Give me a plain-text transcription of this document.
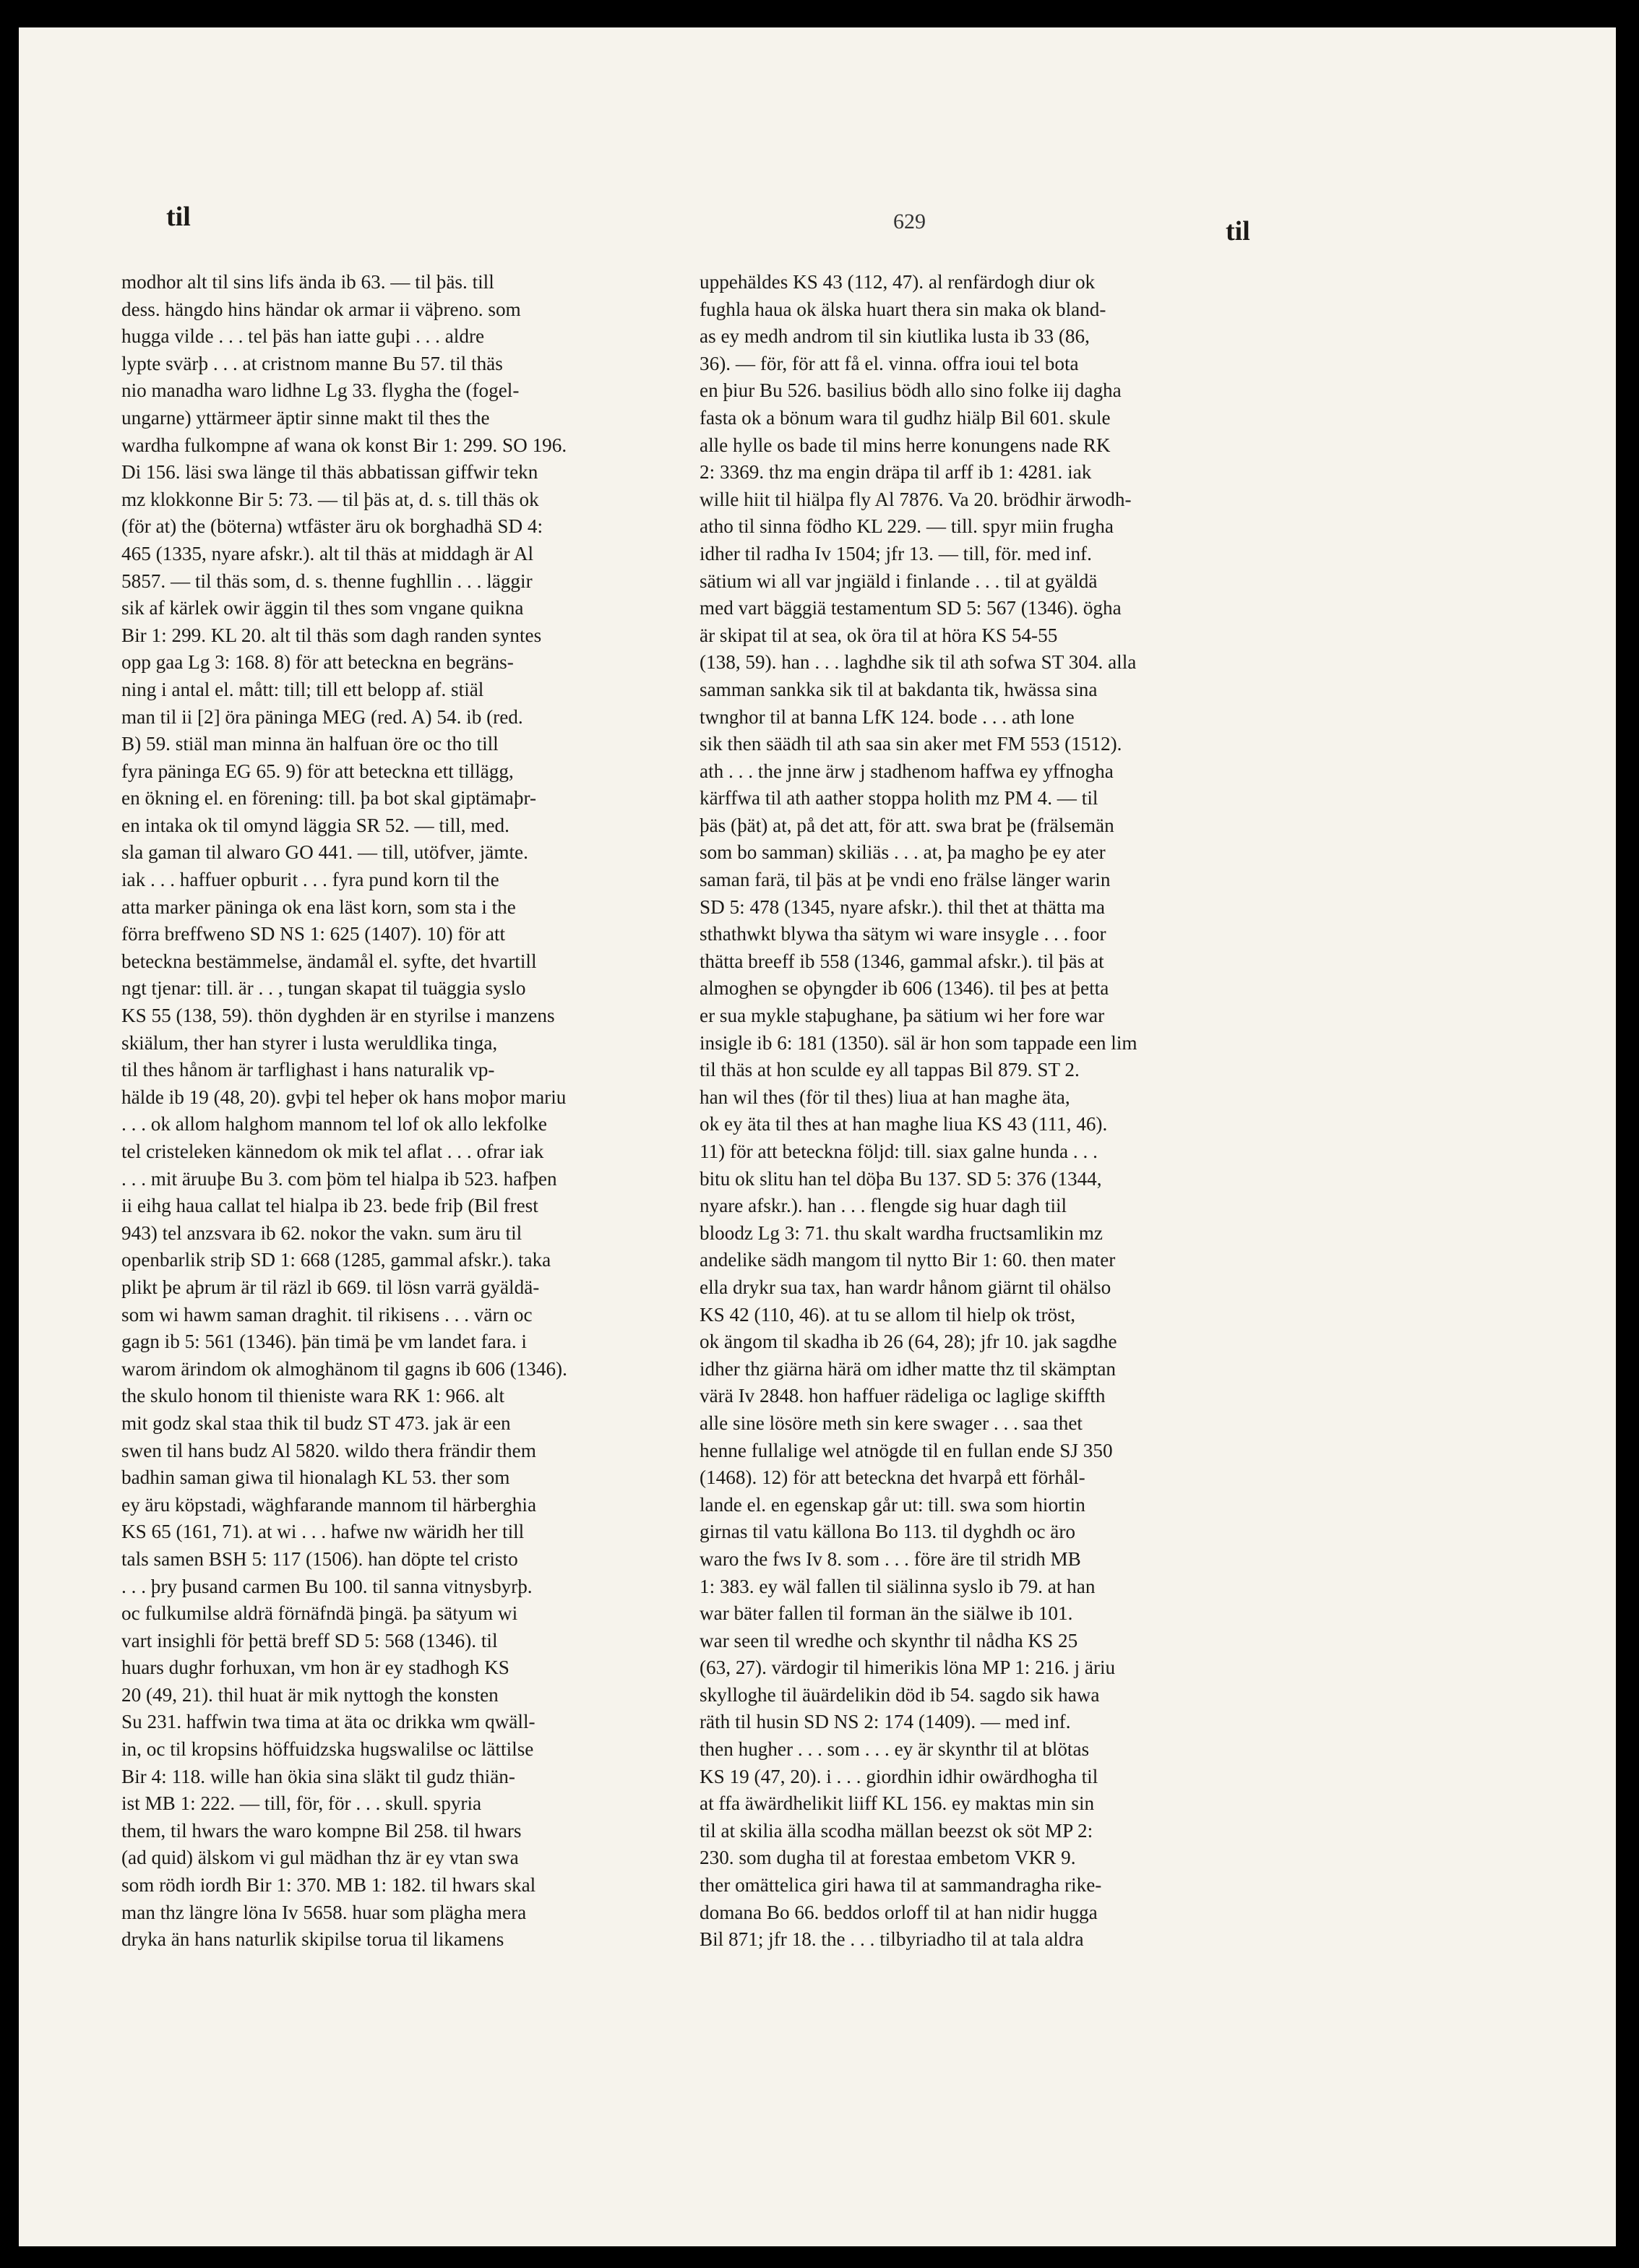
til	629	til
modhor alt til sins lifs ända ib 63. — til þäs. till
dess. hängdo hins händar ok armar ii väþreno. som
hugga vilde . . . tel þäs han iatte guþi . . . aldre
lypte svärþ . . . at cristnom manne Bu 57. til thäs
nio manadha waro lidhne Lg 33. flygha the (fogel-
ungarne) yttärmeer äptir sinne makt til thes the
wardha fulkompne af wana ok konst Bir 1: 299. SO 196.
Di 156. läsi swa länge til thäs abbatissan giffwir tekn
mz klokkonne Bir 5: 73. — til þäs at, d. s. till thäs ok
(för at) the (böterna) wtfäster äru ok borghadhä SD 4:
465 (1335, nyare afskr.). alt til thäs at middagh är Al
5857. — til thäs som, d. s. thenne fughllin . . . läggir
sik af kärlek owir äggin til thes som vngane quikna
Bir 1: 299. KL 20. alt til thäs som dagh randen syntes
opp gaa Lg 3: 168. 8) för att beteckna en begräns-
ning i antal el. mått: till; till ett belopp af. stiäl
man til ii [2] öra päninga MEG (red. A) 54. ib (red.
B) 59. stiäl man minna än halfuan öre oc tho till
fyra päninga EG 65. 9) för att beteckna ett tillägg,
en ökning el. en förening: till. þa bot skal giptämaþr-
en intaka ok til omynd läggia SR 52. — till, med.
sla gaman til alwaro GO 441. — till, utöfver, jämte.
iak . . . haffuer opburit . . . fyra pund korn til the
atta marker päninga ok ena läst korn, som sta i the
förra breffweno SD NS 1: 625 (1407). 10) för att
beteckna bestämmelse, ändamål el. syfte, det hvartill
ngt tjenar: till. är . . , tungan skapat til tuäggia syslo
KS 55 (138, 59). thön dyghden är en styrilse i manzens
skiälum, ther han styrer i lusta weruldlika tinga,
til thes hånom är tarflighast i hans naturalik vp-
hälde ib 19 (48, 20). gvþi tel heþer ok hans moþor mariu
. . . ok allom halghom mannom tel lof ok allo lekfolke
tel cristeleken kännedom ok mik tel aflat . . . ofrar iak
. . . mit äruuþe Bu 3. com þöm tel hialpa ib 523. hafþen
ii eihg haua callat tel hialpa ib 23. bede friþ (Bil frest
943) tel anzsvara ib 62. nokor the vakn. sum äru til
openbarlik striþ SD 1: 668 (1285, gammal afskr.). taka
plikt þe aþrum är til räzl ib 669. til lösn varrä gyäldä-
som wi hawm saman draghit. til rikisens . . . värn oc
gagn ib 5: 561 (1346). þän timä þe vm landet fara. i
warom ärindom ok almoghänom til gagns ib 606 (1346).
the skulo honom til thieniste wara RK 1: 966. alt
mit godz skal staa thik til budz ST 473. jak är een
swen til hans budz Al 5820. wildo thera frändir them
badhin saman giwa til hionalagh KL 53. ther som
ey äru köpstadi, wäghfarande mannom til härberghia
KS 65 (161, 71). at wi . . . hafwe nw wäridh her till
tals samen BSH 5: 117 (1506). han döpte tel cristo
. . . þry þusand carmen Bu 100. til sanna vitnysbyrþ.
oc fulkumilse aldrä förnäfndä þingä. þa sätyum wi
vart insighli för þettä breff SD 5: 568 (1346). til
huars dughr forhuxan, vm hon är ey stadhogh KS
20 (49, 21). thil huat är mik nyttogh the konsten
Su 231. haffwin twa tima at äta oc drikka wm qwäll-
in, oc til kropsins höffuidzska hugswalilse oc lättilse
Bir 4: 118. wille han ökia sina släkt til gudz thiän-
ist MB 1: 222. — till, för, för . . . skull. spyria
them, til hwars the waro kompne Bil 258. til hwars
(ad quid) älskom vi gul mädhan thz är ey vtan swa
som rödh iordh Bir 1: 370. MB 1: 182. til hwars skal
man thz längre löna Iv 5658. huar som plägha mera
dryka än hans naturlik skipilse torua til likamens
uppehäldes KS 43 (112, 47). al renfärdogh diur ok
fughla haua ok älska huart thera sin maka ok bland-
as ey medh androm til sin kiutlika lusta ib 33 (86,
36). — för, för att få el. vinna. offra ioui tel bota
en þiur Bu 526. basilius bödh allo sino folke iij dagha
fasta ok a bönum wara til gudhz hiälp Bil 601. skule
alle hylle os bade til mins herre konungens nade RK
2: 3369. thz ma engin dräpa til arff ib 1: 4281. iak
wille hiit til hiälpa fly Al 7876. Va 20. brödhir ärwodh-
atho til sinna födho KL 229. — till. spyr miin frugha
idher til radha Iv 1504; jfr 13. — till, för. med inf.
sätium wi all var jngiäld i finlande . . . til at gyäldä
med vart bäggiä testamentum SD 5: 567 (1346). ögha
är skipat til at sea, ok öra til at höra KS 54-55
(138, 59). han . . . laghdhe sik til ath sofwa ST 304. alla
samman sankka sik til at bakdanta tik, hwässa sina
twnghor til at banna LfK 124. bode . . . ath lone
sik then säädh til ath saa sin aker met FM 553 (1512).
ath . . . the jnne ärw j stadhenom haffwa ey yffnogha
kärffwa til ath aather stoppa holith mz PM 4. — til
þäs (þät) at, på det att, för att. swa brat þe (frälsemän
som bo samman) skiliäs . . . at, þa magho þe ey ater
saman farä, til þäs at þe vndi eno frälse länger warin
SD 5: 478 (1345, nyare afskr.). thil thet at thätta ma
sthathwkt blywa tha sätym wi ware insygle . . . foor
thätta breeff ib 558 (1346, gammal afskr.). til þäs at
almoghen se oþyngder ib 606 (1346). til þes at þetta
er sua mykle staþughane, þa sätium wi her fore war
insigle ib 6: 181 (1350). säl är hon som tappade een lim
til thäs at hon sculde ey all tappas Bil 879. ST 2.
han wil thes (för til thes) liua at han maghe äta,
ok ey äta til thes at han maghe liua KS 43 (111, 46).
11) för att beteckna följd: till. siax galne hunda . . .
bitu ok slitu han tel döþa Bu 137. SD 5: 376 (1344,
nyare afskr.). han . . . flengde sig huar dagh tiil
bloodz Lg 3: 71. thu skalt wardha fructsamlikin mz
andelike sädh mangom til nytto Bir 1: 60. then mater
ella drykr sua tax, han wardr hånom giärnt til ohälso
KS 42 (110, 46). at tu se allom til hielp ok tröst,
ok ängom til skadha ib 26 (64, 28); jfr 10. jak sagdhe
idher thz giärna härä om idher matte thz til skämptan
värä Iv 2848. hon haffuer rädeliga oc laglige skiffth
alle sine lösöre meth sin kere swager . . . saa thet
henne fullalige wel atnögde til en fullan ende SJ 350
(1468). 12) för att beteckna det hvarpå ett förhål-
lande el. en egenskap går ut: till. swa som hiortin
girnas til vatu källona Bo 113. til dyghdh oc äro
waro the fws Iv 8. som . . . före äre til stridh MB
1: 383. ey wäl fallen til siälinna syslo ib 79. at han
war bäter fallen til forman än the siälwe ib 101.
war seen til wredhe och skynthr til nådha KS 25
(63, 27). värdogir til himerikis löna MP 1: 216. j äriu
skylloghe til äuärdelikin död ib 54. sagdo sik hawa
räth til husin SD NS 2: 174 (1409). — med inf.
then hugher . . . som . . . ey är skynthr til at blötas
KS 19 (47, 20). i . . . giordhin idhir owärdhogha til
at ffa äwärdhelikit liiff KL 156. ey maktas min sin
til at skilia älla scodha mällan beezst ok söt MP 2:
230. som dugha til at forestaa embetom VKR 9.
ther omättelica giri hawa til at sammandragha rike-
domana Bo 66. beddos orloff til at han nidir hugga
Bil 871; jfr 18. the . . . tilbyriadho til at tala aldra
